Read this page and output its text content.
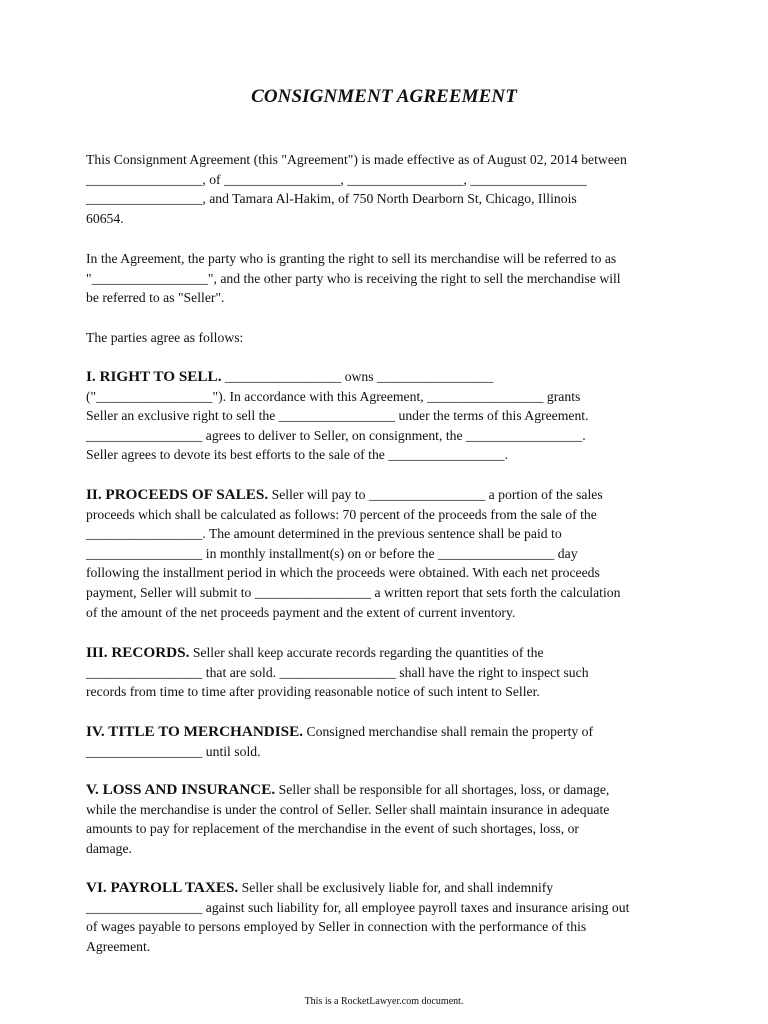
CONSIGNMENT AGREEMENT

This Consignment Agreement (this "Agreement") is made effective as of August 02, 2014 between
_________________, of _________________, _________________, _________________
_________________, and Tamara Al-Hakim, of 750 North Dearborn St, Chicago, Illinois
60654.

In the Agreement, the party who is granting the right to sell its merchandise will be referred to as
"_________________", and the other party who is receiving the right to sell the merchandise will
be referred to as "Seller".

The parties agree as follows:

I. RIGHT TO SELL. _________________ owns _________________
("_________________"). In accordance with this Agreement, _________________ grants
Seller an exclusive right to sell the _________________ under the terms of this Agreement.
_________________ agrees to deliver to Seller, on consignment, the _________________.
Seller agrees to devote its best efforts to the sale of the _________________.

II. PROCEEDS OF SALES. Seller will pay to _________________ a portion of the sales
proceeds which shall be calculated as follows: 70 percent of the proceeds from the sale of the
_________________. The amount determined in the previous sentence shall be paid to
_________________ in monthly installment(s) on or before the _________________ day
following the installment period in which the proceeds were obtained. With each net proceeds
payment, Seller will submit to _________________ a written report that sets forth the calculation
of the amount of the net proceeds payment and the extent of current inventory.

III. RECORDS. Seller shall keep accurate records regarding the quantities of the
_________________ that are sold. _________________ shall have the right to inspect such
records from time to time after providing reasonable notice of such intent to Seller.

IV. TITLE TO MERCHANDISE. Consigned merchandise shall remain the property of
_________________ until sold.

V. LOSS AND INSURANCE. Seller shall be responsible for all shortages, loss, or damage,
while the merchandise is under the control of Seller. Seller shall maintain insurance in adequate
amounts to pay for replacement of the merchandise in the event of such shortages, loss, or
damage.

VI. PAYROLL TAXES. Seller shall be exclusively liable for, and shall indemnify
_________________ against such liability for, all employee payroll taxes and insurance arising out
of wages payable to persons employed by Seller in connection with the performance of this
Agreement.

This is a RocketLawyer.com document.
